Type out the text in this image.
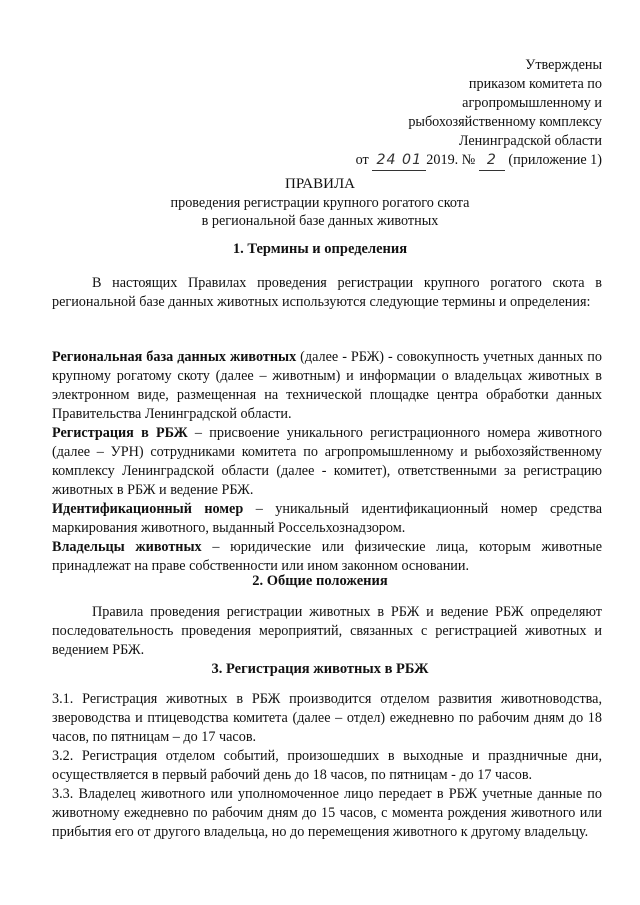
Утверждены
приказом комитета по
агропромышленному и
рыбохозяйственному комплексу
Ленинградской области
от 24 01 2019. № 2 (приложение 1)
ПРАВИЛА
проведения регистрации крупного рогатого скота
в региональной базе данных животных
1. Термины и определения

В настоящих Правилах проведения регистрации крупного рогатого скота в региональной базе данных животных используются следующие термины и определения:

Региональная база данных животных (далее - РБЖ) - совокупность учетных данных по крупному рогатому скоту (далее – животным) и информации о владельцах животных в электронном виде, размещенная на технической площадке центра обработки данных Правительства Ленинградской области.

Регистрация в РБЖ – присвоение уникального регистрационного номера животного (далее – УРН) сотрудниками комитета по агропромышленному и рыбохозяйственному комплексу Ленинградской области (далее - комитет), ответственными за регистрацию животных в РБЖ и ведение РБЖ.

Идентификационный номер – уникальный идентификационный номер средства маркирования животного, выданный Россельхознадзором.

Владельцы животных – юридические или физические лица, которым животные принадлежат на праве собственности или ином законном основании.

2. Общие положения

Правила проведения регистрации животных в РБЖ и ведение РБЖ определяют последовательность проведения мероприятий, связанных с регистрацией животных и ведением РБЖ.

3. Регистрация животных в РБЖ

3.1. Регистрация животных в РБЖ производится отделом развития животноводства, звероводства и птицеводства комитета (далее – отдел) ежедневно по рабочим дням до 18 часов, по пятницам – до 17 часов.

3.2. Регистрация отделом событий, произошедших в выходные и праздничные дни, осуществляется в первый рабочий день до 18 часов, по пятницам - до 17 часов.

3.3. Владелец животного или уполномоченное лицо передает в РБЖ учетные данные по животному ежедневно по рабочим дням до 15 часов, с момента рождения животного или прибытия его от другого владельца, но до перемещения животного к другому владельцу.
